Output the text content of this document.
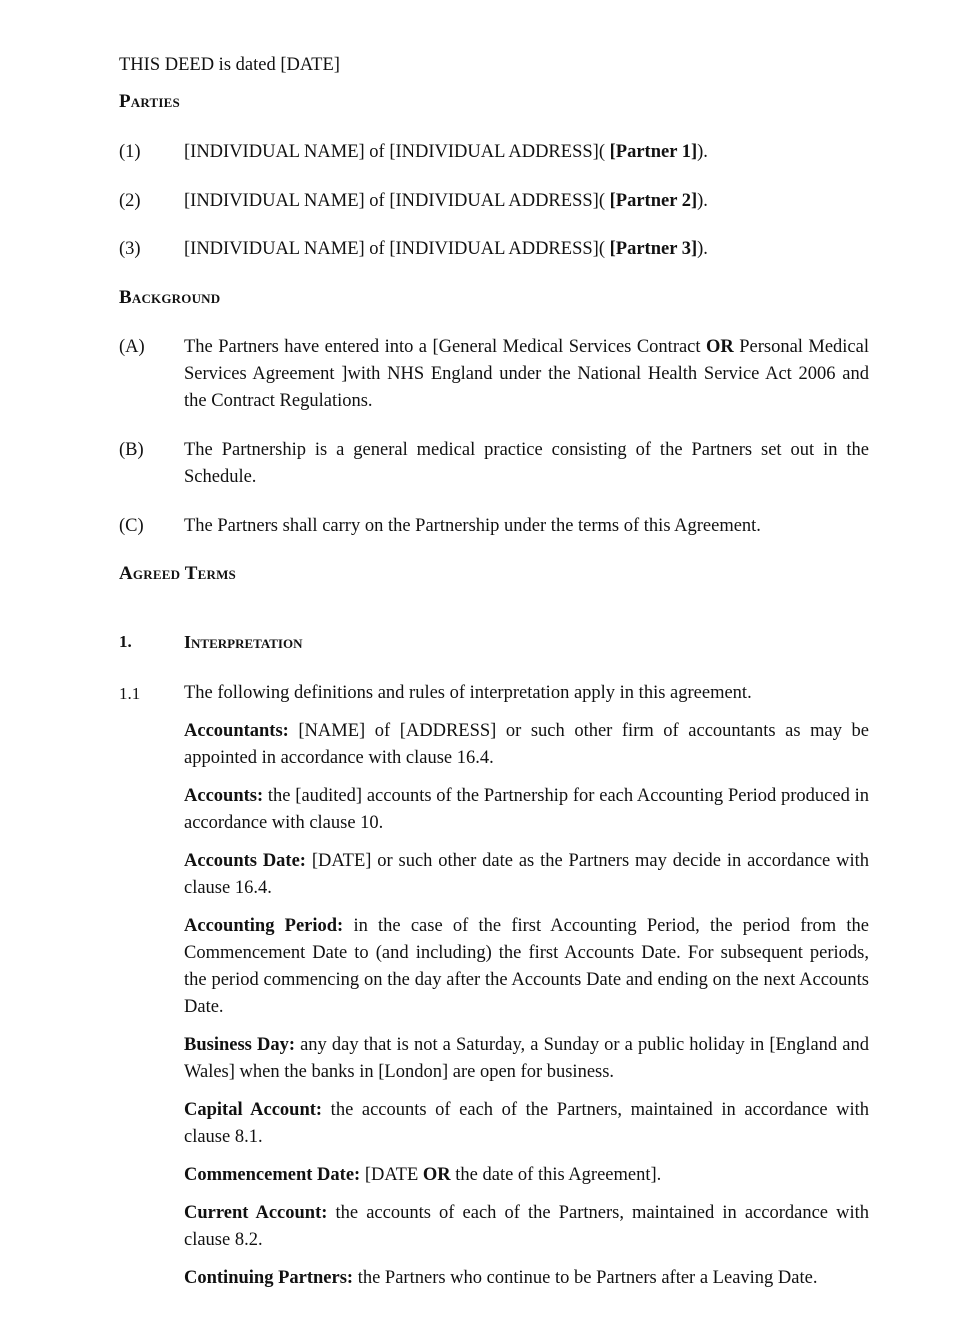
THIS DEED is dated [DATE]
Parties
(1) [INDIVIDUAL NAME] of [INDIVIDUAL ADDRESS]( [Partner 1]).
(2) [INDIVIDUAL NAME] of [INDIVIDUAL ADDRESS]( [Partner 2]).
(3) [INDIVIDUAL NAME] of [INDIVIDUAL ADDRESS]( [Partner 3]).
Background
(A) The Partners have entered into a [General Medical Services Contract OR Personal Medical Services Agreement ]with NHS England under the National Health Service Act 2006 and the Contract Regulations.
(B) The Partnership is a general medical practice consisting of the Partners set out in the Schedule.
(C) The Partners shall carry on the Partnership under the terms of this Agreement.
Agreed Terms
1.	Interpretation
1.1 The following definitions and rules of interpretation apply in this agreement.
Accountants: [NAME] of [ADDRESS] or such other firm of accountants as may be appointed in accordance with clause 16.4.
Accounts: the [audited] accounts of the Partnership for each Accounting Period produced in accordance with clause 10.
Accounts Date: [DATE] or such other date as the Partners may decide in accordance with clause 16.4.
Accounting Period: in the case of the first Accounting Period, the period from the Commencement Date to (and including) the first Accounts Date. For subsequent periods, the period commencing on the day after the Accounts Date and ending on the next Accounts Date.
Business Day: any day that is not a Saturday, a Sunday or a public holiday in [England and Wales] when the banks in [London] are open for business.
Capital Account: the accounts of each of the Partners, maintained in accordance with clause 8.1.
Commencement Date: [DATE OR the date of this Agreement].
Current Account: the accounts of each of the Partners, maintained in accordance with clause 8.2.
Continuing Partners: the Partners who continue to be Partners after a Leaving Date.
